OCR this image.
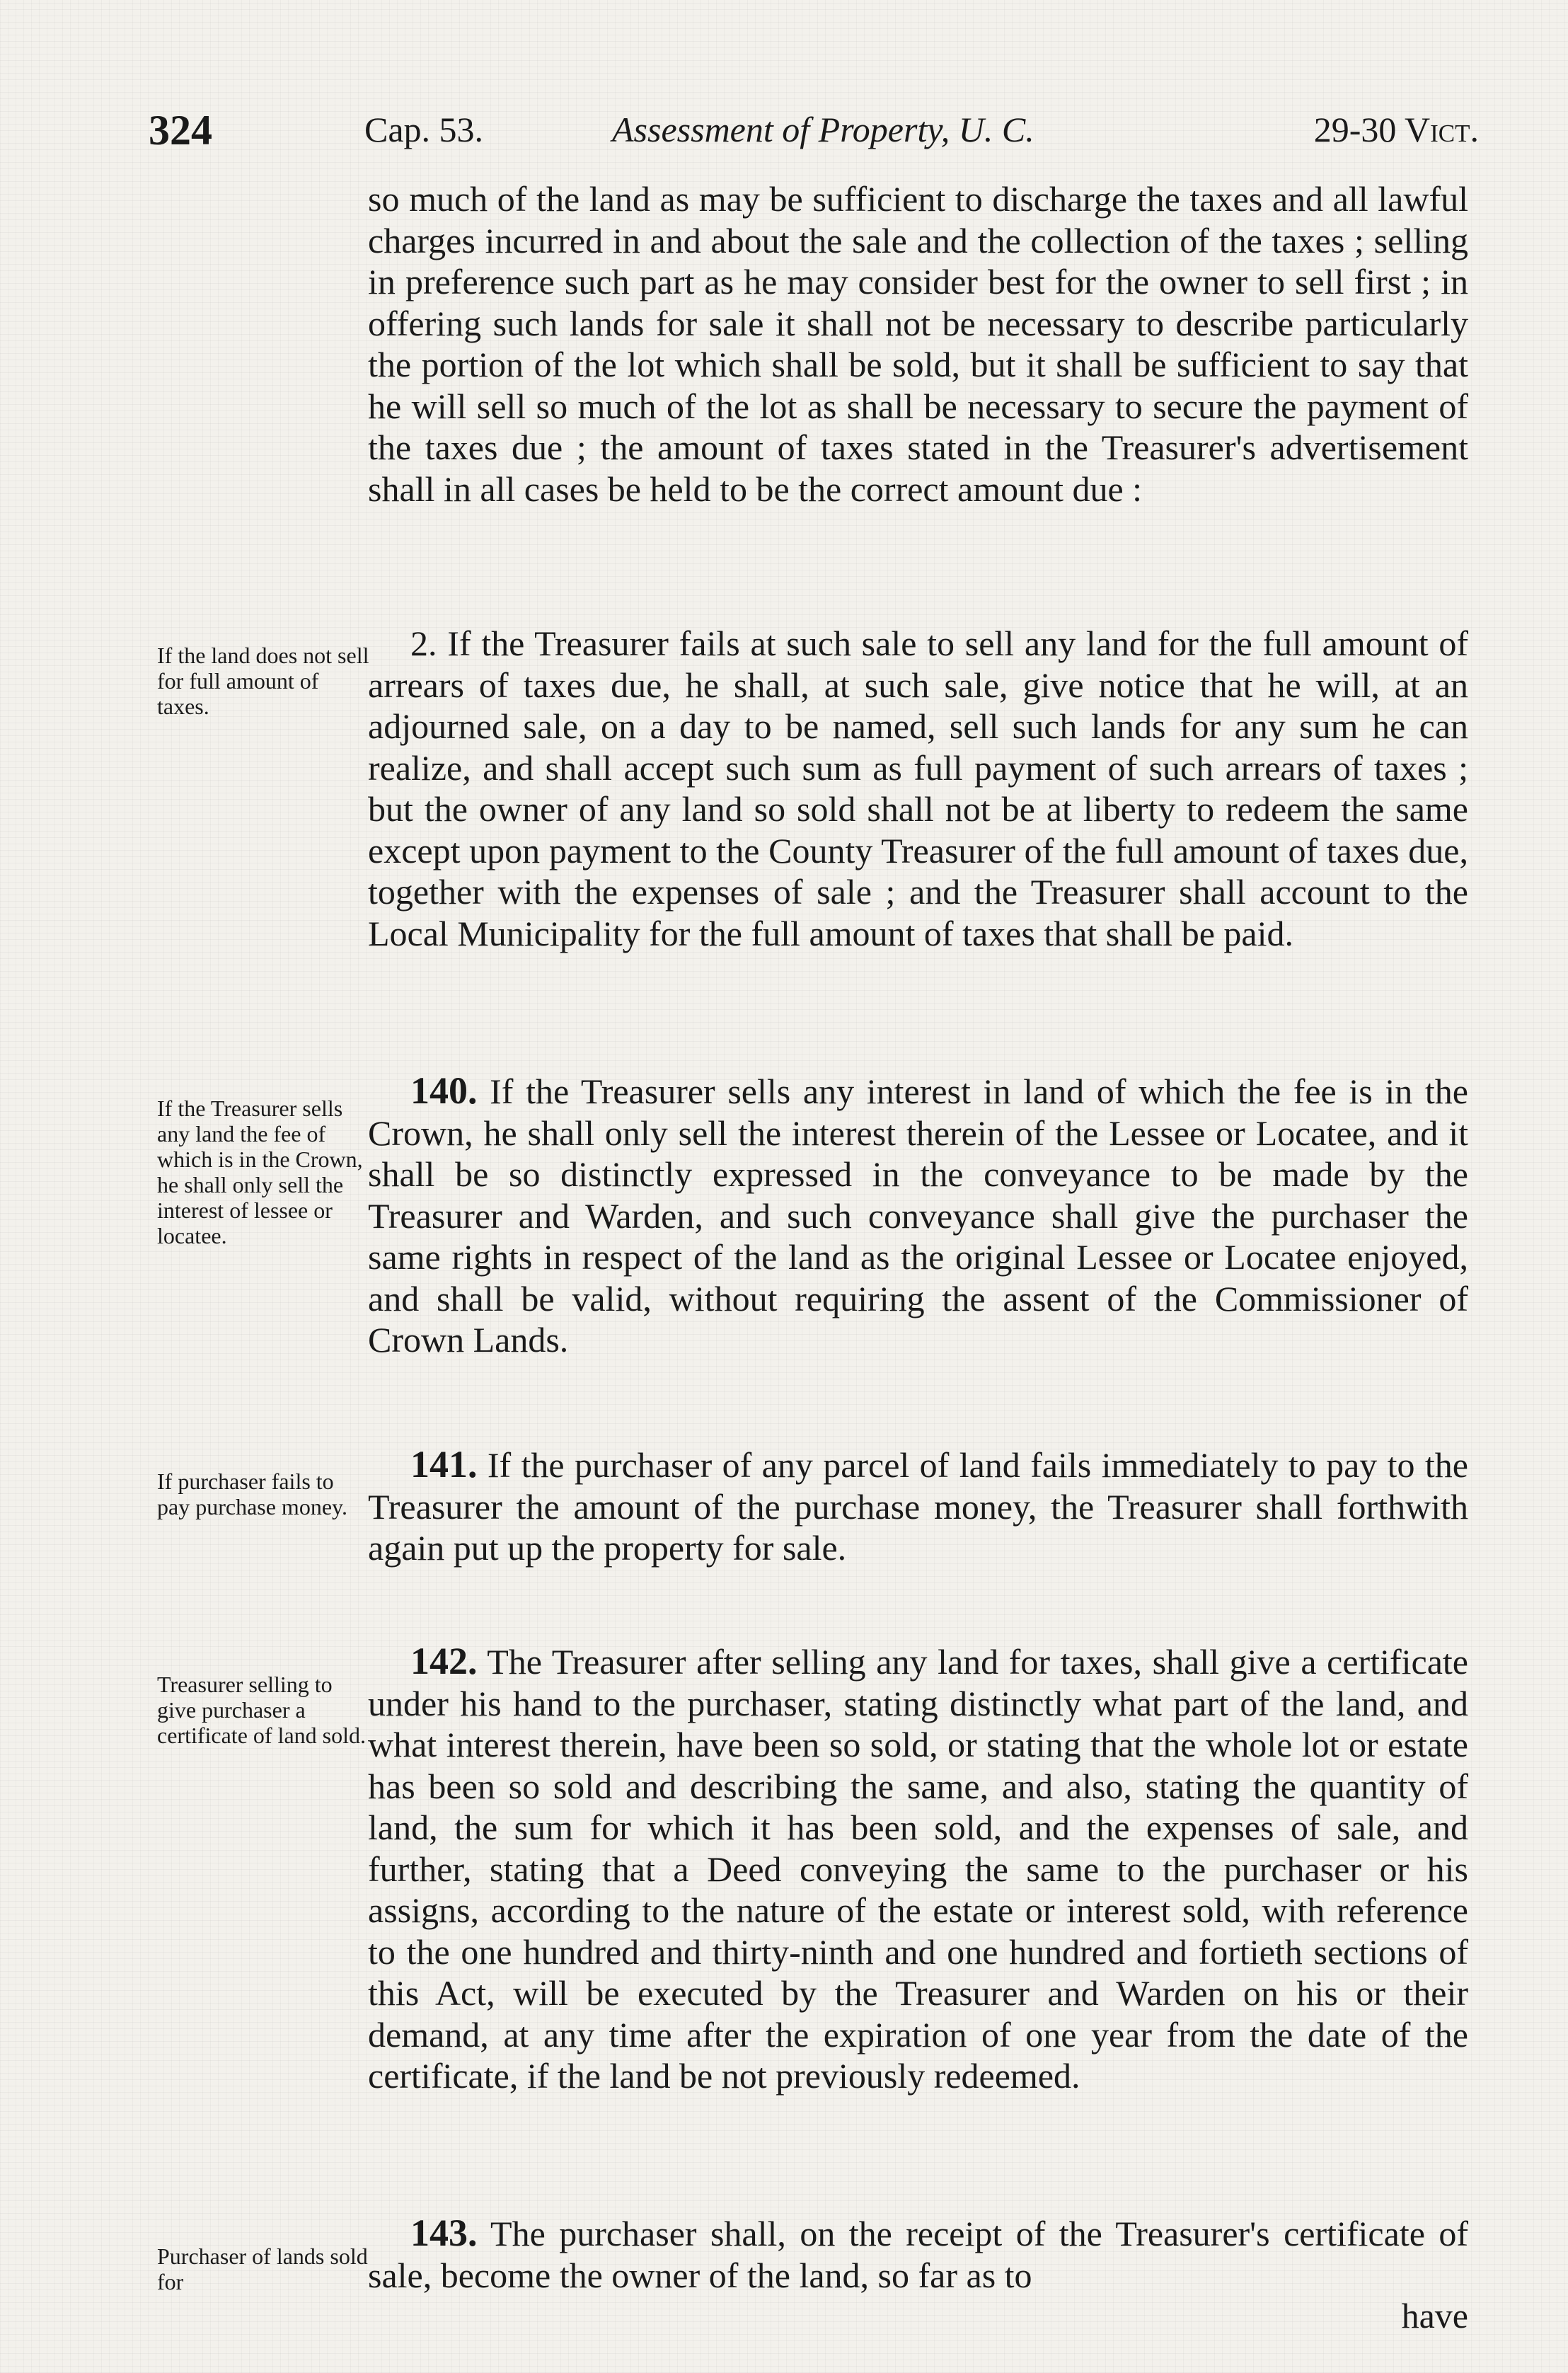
324	Cap. 53.	Assessment of Property, U. C.	29-30 Vict.
so much of the land as may be sufficient to discharge the taxes and all lawful charges incurred in and about the sale and the collection of the taxes ; selling in preference such part as he may consider best for the owner to sell first ; in offering such lands for sale it shall not be necessary to describe particularly the portion of the lot which shall be sold, but it shall be sufficient to say that he will sell so much of the lot as shall be necessary to secure the payment of the taxes due ; the amount of taxes stated in the Treasurer's advertisement shall in all cases be held to be the correct amount due :
If the land does not sell for full amount of taxes.
2. If the Treasurer fails at such sale to sell any land for the full amount of arrears of taxes due, he shall, at such sale, give notice that he will, at an adjourned sale, on a day to be named, sell such lands for any sum he can realize, and shall accept such sum as full payment of such arrears of taxes ; but the owner of any land so sold shall not be at liberty to redeem the same except upon payment to the County Treasurer of the full amount of taxes due, together with the expenses of sale ; and the Treasurer shall account to the Local Municipality for the full amount of taxes that shall be paid.
If the Treasurer sells any land the fee of which is in the Crown, he shall only sell the interest of lessee or locatee.
140. If the Treasurer sells any interest in land of which the fee is in the Crown, he shall only sell the interest therein of the Lessee or Locatee, and it shall be so distinctly expressed in the conveyance to be made by the Treasurer and Warden, and such conveyance shall give the purchaser the same rights in respect of the land as the original Lessee or Locatee enjoyed, and shall be valid, without requiring the assent of the Commissioner of Crown Lands.
If purchaser fails to pay purchase money.
141. If the purchaser of any parcel of land fails immediately to pay to the Treasurer the amount of the purchase money, the Treasurer shall forthwith again put up the property for sale.
Treasurer selling to give purchaser a certificate of land sold.
142. The Treasurer after selling any land for taxes, shall give a certificate under his hand to the purchaser, stating distinctly what part of the land, and what interest therein, have been so sold, or stating that the whole lot or estate has been so sold and describing the same, and also, stating the quantity of land, the sum for which it has been sold, and the expenses of sale, and further, stating that a Deed conveying the same to the purchaser or his assigns, according to the nature of the estate or interest sold, with reference to the one hundred and thirty-ninth and one hundred and fortieth sections of this Act, will be executed by the Treasurer and Warden on his or their demand, at any time after the expiration of one year from the date of the certificate, if the land be not previously redeemed.
Purchaser of lands sold for
143. The purchaser shall, on the receipt of the Treasurer's certificate of sale, become the owner of the land, so far as to
have
